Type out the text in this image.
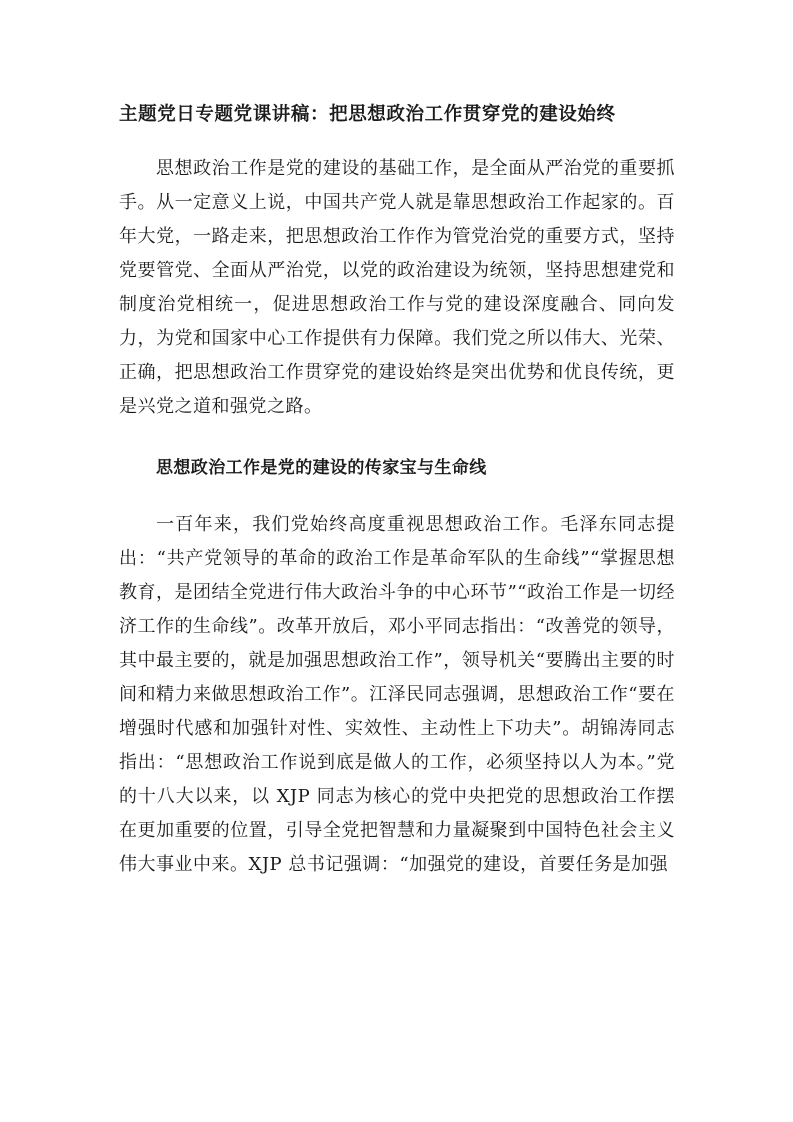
主题党日专题党课讲稿：把思想政治工作贯穿党的建设始终

思想政治工作是党的建设的基础工作，是全面从严治党的重要抓手。从一定意义上说，中国共产党人就是靠思想政治工作起家的。百年大党，一路走来，把思想政治工作作为管党治党的重要方式，坚持党要管党、全面从严治党，以党的政治建设为统领，坚持思想建党和制度治党相统一，促进思想政治工作与党的建设深度融合、同向发力，为党和国家中心工作提供有力保障。我们党之所以伟大、光荣、正确，把思想政治工作贯穿党的建设始终是突出优势和优良传统，更是兴党之道和强党之路。

思想政治工作是党的建设的传家宝与生命线

一百年来，我们党始终高度重视思想政治工作。毛泽东同志提出：“共产党领导的革命的政治工作是革命军队的生命线”“掌握思想教育，是团结全党进行伟大政治斗争的中心环节”“政治工作是一切经济工作的生命线”。改革开放后，邓小平同志指出：“改善党的领导，其中最主要的，就是加强思想政治工作”，领导机关“要腾出主要的时间和精力来做思想政治工作”。江泽民同志强调，思想政治工作“要在增强时代感和加强针对性、实效性、主动性上下功夫”。胡锦涛同志指出：“思想政治工作说到底是做人的工作，必须坚持以人为本。”党的十八大以来，以 XJP 同志为核心的党中央把党的思想政治工作摆在更加重要的位置，引导全党把智慧和力量凝聚到中国特色社会主义伟大事业中来。XJP 总书记强调：“加强党的建设，首要任务是加强
